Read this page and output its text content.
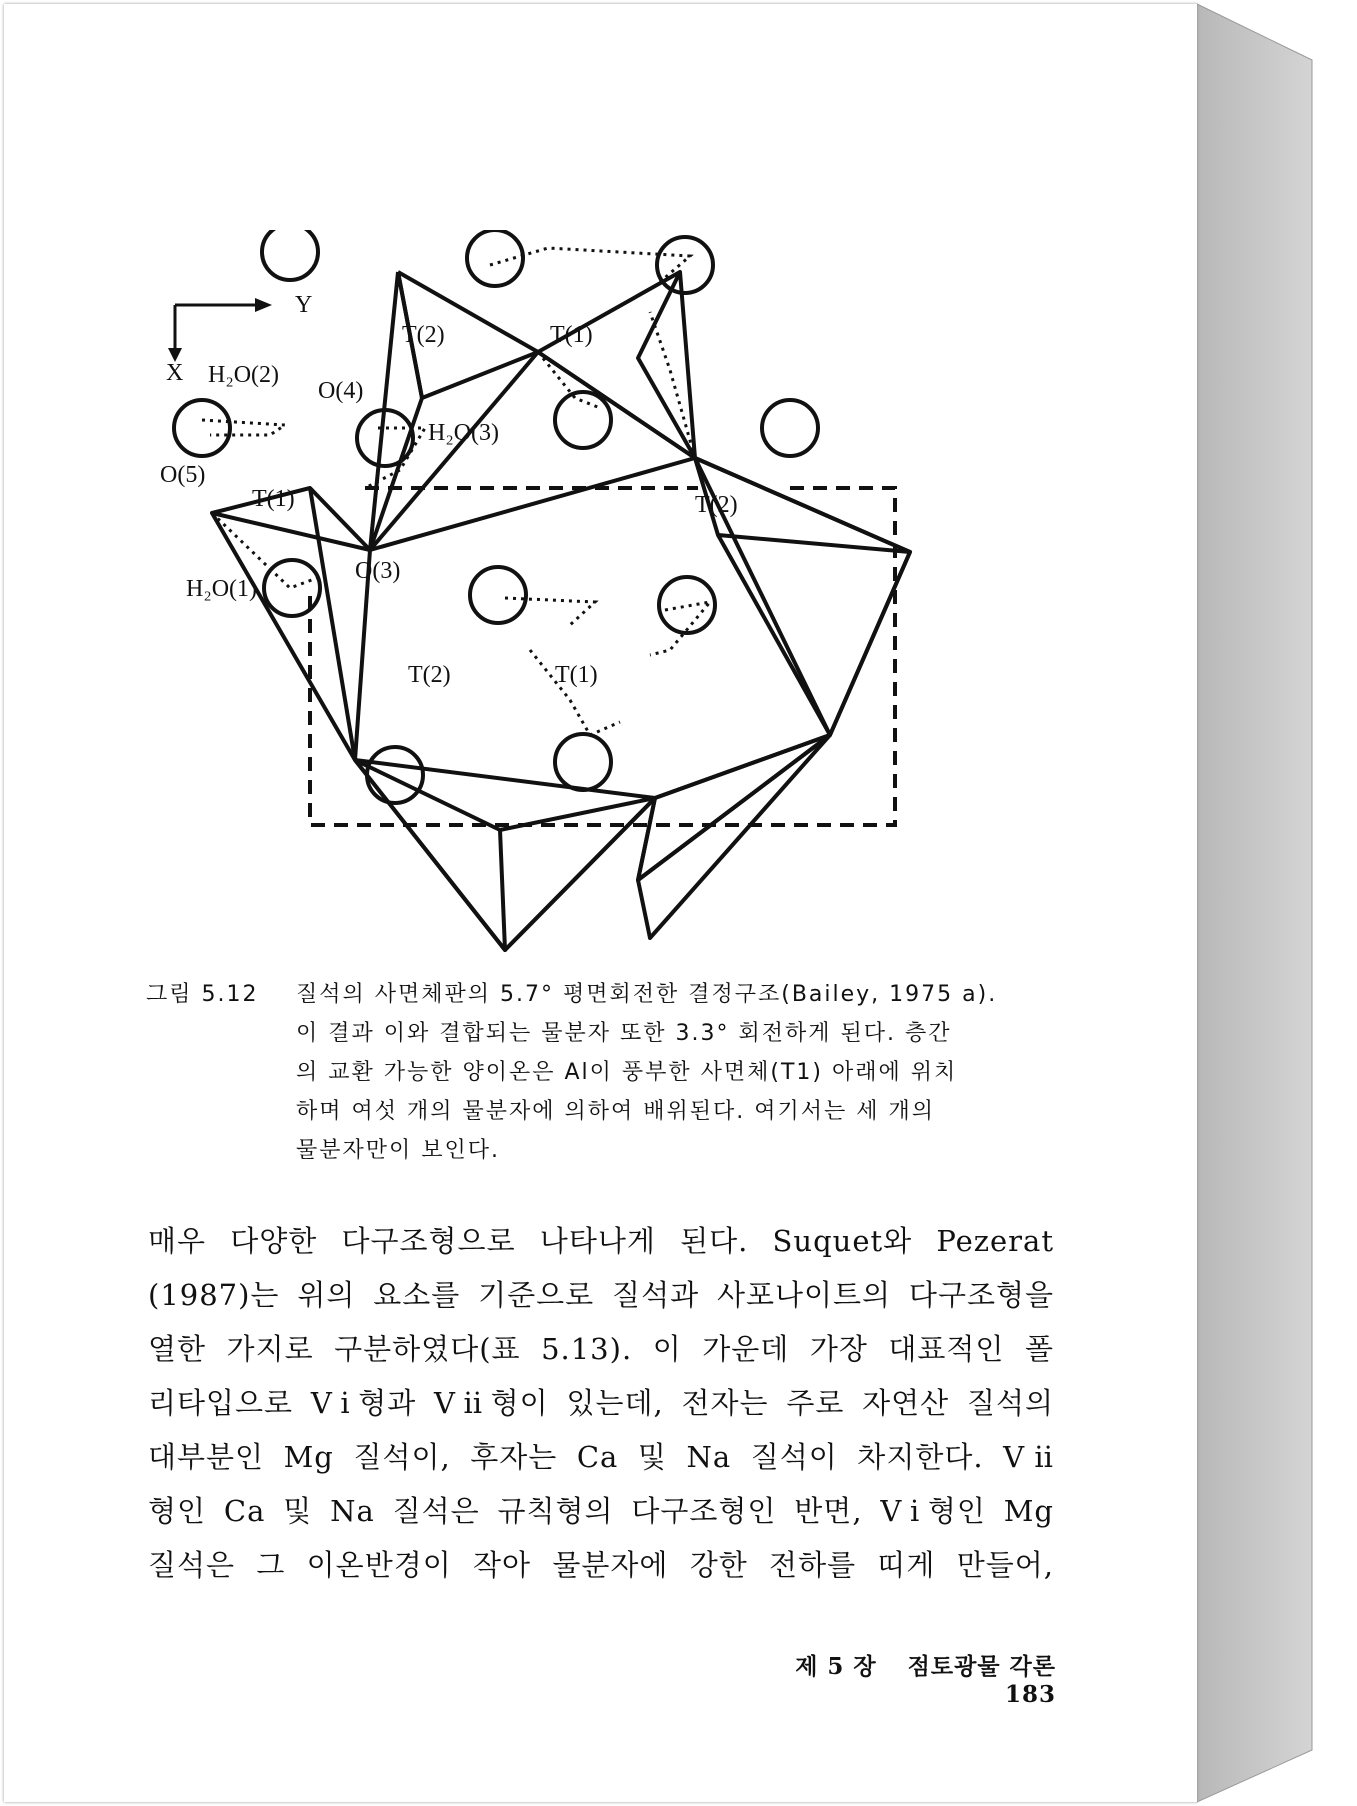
Y
X
T(2)	T(1)
H₂O(2)
O(4)
H₂O(3)
O(5)
T(1)	T(2)
O(3)
H₂O(1)
T(2)	T(1)
그림 5.12 질석의 사면체판의 5.7° 평면회전한 결정구조(Bailey, 1975 a).
이 결과 이와 결합되는 물분자 또한 3.3° 회전하게 된다. 층간
의 교환 가능한 양이온은 Al이 풍부한 사면체(T1) 아래에 위치
하며 여섯 개의 물분자에 의하여 배위된다. 여기서는 세 개의
물분자만이 보인다.
매우 다양한 다구조형으로 나타나게 된다. Suquet와 Pezerat
(1987)는 위의 요소를 기준으로 질석과 사포나이트의 다구조형을
열한 가지로 구분하였다(표 5.13). 이 가운데 가장 대표적인 폴
리타입으로 Vⅰ형과 Vⅱ형이 있는데, 전자는 주로 자연산 질석의
대부분인 Mg 질석이, 후자는 Ca 및 Na 질석이 차지한다. Vⅱ
형인 Ca 및 Na 질석은 규칙형의 다구조형인 반면, Vⅰ형인 Mg
질석은 그 이온반경이 작아 물분자에 강한 전하를 띠게 만들어,
제 5 장 점토광물 각론 183
